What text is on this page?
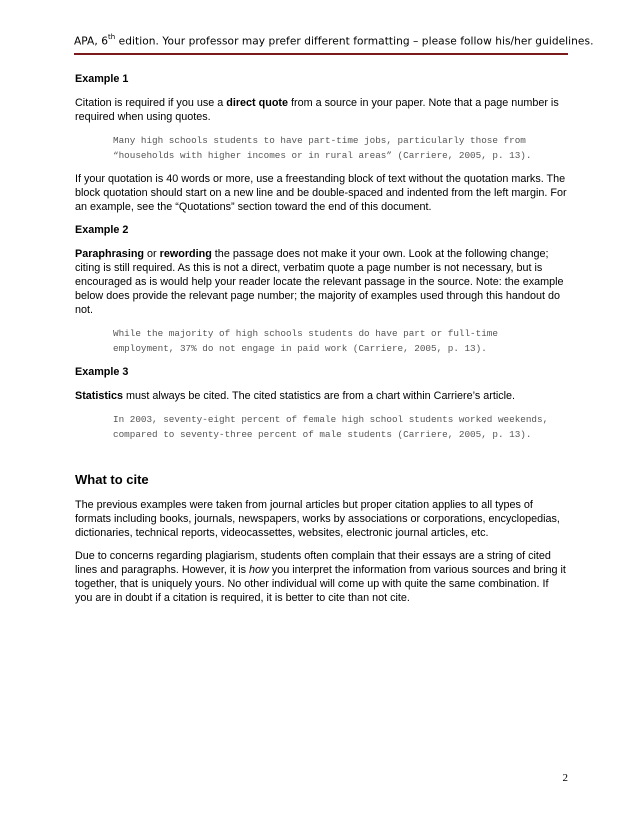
APA, 6th edition. Your professor may prefer different formatting – please follow his/her guidelines.
Example 1

Citation is required if you use a direct quote from a source in your paper. Note that a page number is required when using quotes.

Many high schools students to have part-time jobs, particularly those from
“households with higher incomes or in rural areas” (Carriere, 2005, p. 13).

If your quotation is 40 words or more, use a freestanding block of text without the quotation marks. The block quotation should start on a new line and be double-spaced and indented from the left margin. For an example, see the “Quotations” section toward the end of this document.

Example 2

Paraphrasing or rewording the passage does not make it your own. Look at the following change; citing is still required. As this is not a direct, verbatim quote a page number is not necessary, but is encouraged as is would help your reader locate the relevant passage in the source. Note: the example below does provide the relevant page number; the majority of examples used through this handout do not.

While the majority of high schools students do have part or full-time
employment, 37% do not engage in paid work (Carriere, 2005, p. 13).
Example 3

Statistics must always be cited. The cited statistics are from a chart within Carriere’s article.

In 2003, seventy-eight percent of female high school students worked weekends,
compared to seventy-three percent of male students (Carriere, 2005, p. 13).
What to cite

The previous examples were taken from journal articles but proper citation applies to all types of formats including books, journals, newspapers, works by associations or corporations, encyclopedias, dictionaries, technical reports, videocassettes, websites, electronic journal articles, etc.

Due to concerns regarding plagiarism, students often complain that their essays are a string of cited lines and paragraphs. However, it is how you interpret the information from various sources and bring it together, that is uniquely yours. No other individual will come up with quite the same combination. If you are in doubt if a citation is required, it is better to cite than not cite.

2
